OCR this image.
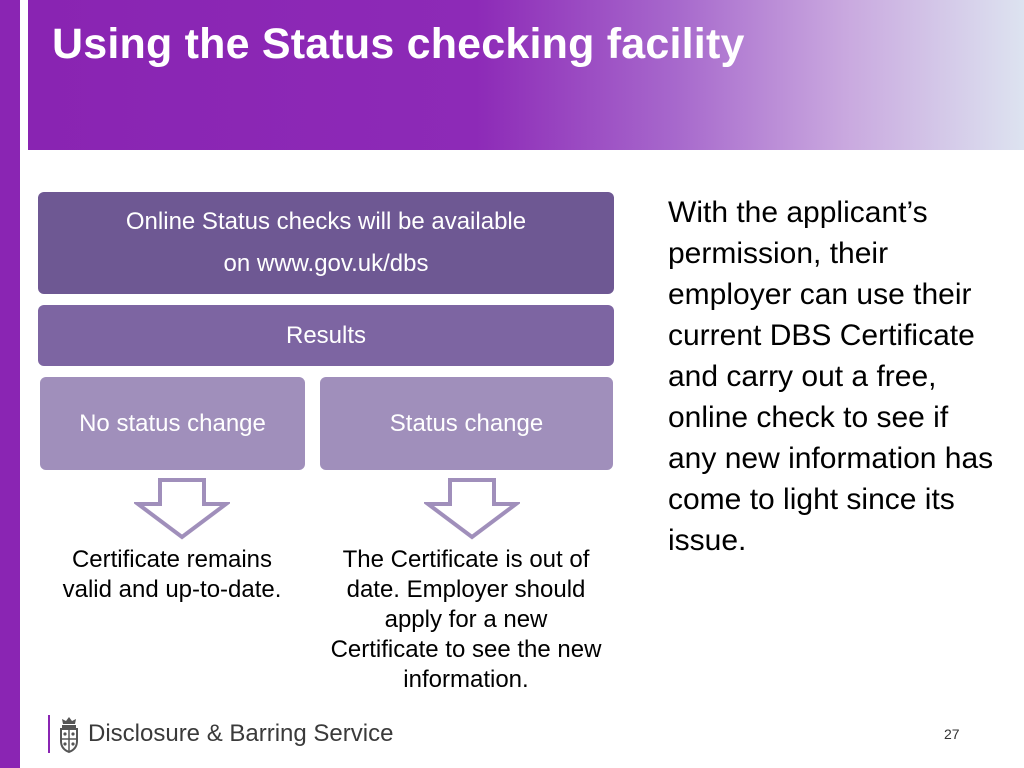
Using the Status checking facility
Online Status checks will be available
on www.gov.uk/dbs
Results
No status change	Status change
Certificate remains valid and up-to-date.
The Certificate is out of date. Employer should apply for a new Certificate to see the new information.
With the applicant’s permission, their employer can use their current DBS Certificate and carry out a free, online check to see if any new information has come to light since its issue.
Disclosure & Barring Service	27
